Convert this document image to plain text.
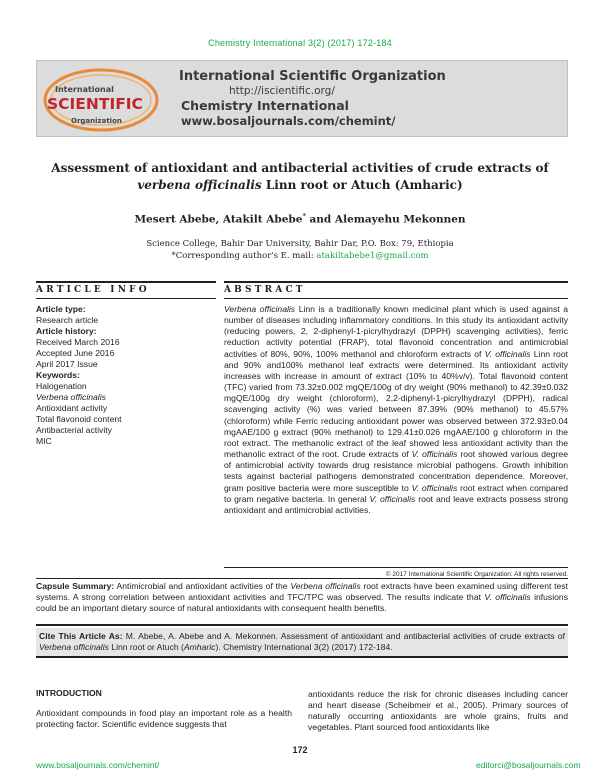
Chemistry International 3(2) (2017) 172-184
International
SCIENTIFIC
Organization
International Scientific Organization
http://iscientific.org/
Chemistry International
www.bosaljournals.com/chemint/
Assessment of antioxidant and antibacterial activities of crude extracts of verbena officinalis Linn root or Atuch (Amharic)
Mesert Abebe, Atakilt Abebe* and Alemayehu Mekonnen
Science College, Bahir Dar University, Bahir Dar, P.O. Box: 79, Ethiopia
*Corresponding author's E. mail: atakiltabebe1@gmail.com
ARTICLE INFO	ABSTRACT
Article type:
Research article
Article history:
Received March 2016
Accepted June 2016
April 2017 Issue
Keywords:
Halogenation
Verbena officinalis
Antioxidant activity
Total flavonoid content
Antibacterial activity
MIC
Verbena officinalis Linn is a traditionally known medicinal plant which is used against a number of diseases including inflammatory conditions. In this study its antioxidant activity (reducing powers, 2, 2-diphenyl-1-picrylhydrazyl (DPPH) scavenging activities), ferric reduction activity potential (FRAP), total flavonoid concentration and antimicrobial activities of 80%, 90%, 100% methanol and chloroform extracts of V. officinalis Linn root and 90% and100% methanol leaf extracts were determined. Its antioxidant activity increases with increase in amount of extract (10% to 40%v/v). Total flavonoid content (TFC) varied from 73.32±0.002 mgQE/100g of dry weight (90% methanol) to 42.39±0.032 mgQE/100g dry weight (chloroform), 2,2-diphenyl-1-picrylhydrazyl (DPPH), radical scavenging activity (%) was varied between 87.39% (90% methanol) to 45.57% (chloroform) while Ferric reducing antioxidant power was observed between 372.93±0.04 mgAAE/100 g extract (90% methanol) to 129.41±0.026 mgAAE/100 g chloroform in the root extract. The methanolic extract of the leaf showed less antioxidant activity than the methanolic extract of the root. Crude extracts of V. officinalis root showed various degree of antimicrobial activity towards drug resistance microbial pathogens. Growth inhibition tests against bacterial pathogens demonstrated concentration dependence. Moreover, gram positive bacteria were more susceptible to V. officinalis root extract when compared to gram negative bacteria. In general V. officinalis root and leave extracts possess strong antioxidant and antimicrobial activities.
© 2017 International Scientific Organization: All rights reserved.
Capsule Summary: Antimicrobial and antioxidant activities of the Verbena officinalis root extracts have been examined using different test systems. A strong correlation between antioxidant activities and TFC/TPC was observed. The results indicate that V. officinalis infusions could be an important dietary source of natural antioxidants with consequent health benefits.
Cite This Article As: M. Abebe, A. Abebe and A. Mekonnen. Assessment of antioxidant and antibacterial activities of crude extracts of Verbena officinalis Linn root or Atuch (Amharic). Chemistry International 3(2) (2017) 172-184.
INTRODUCTION
Antioxidant compounds in food play an important role as a health protecting factor. Scientific evidence suggests that
antioxidants reduce the risk for chronic diseases including cancer and heart disease (Scheibmeir et al., 2005). Primary sources of naturally occurring antioxidants are whole grains, fruits and vegetables. Plant sourced food antioxidants like
172
www.bosaljournals.com/chemint/	editorci@bosaljournals.com
